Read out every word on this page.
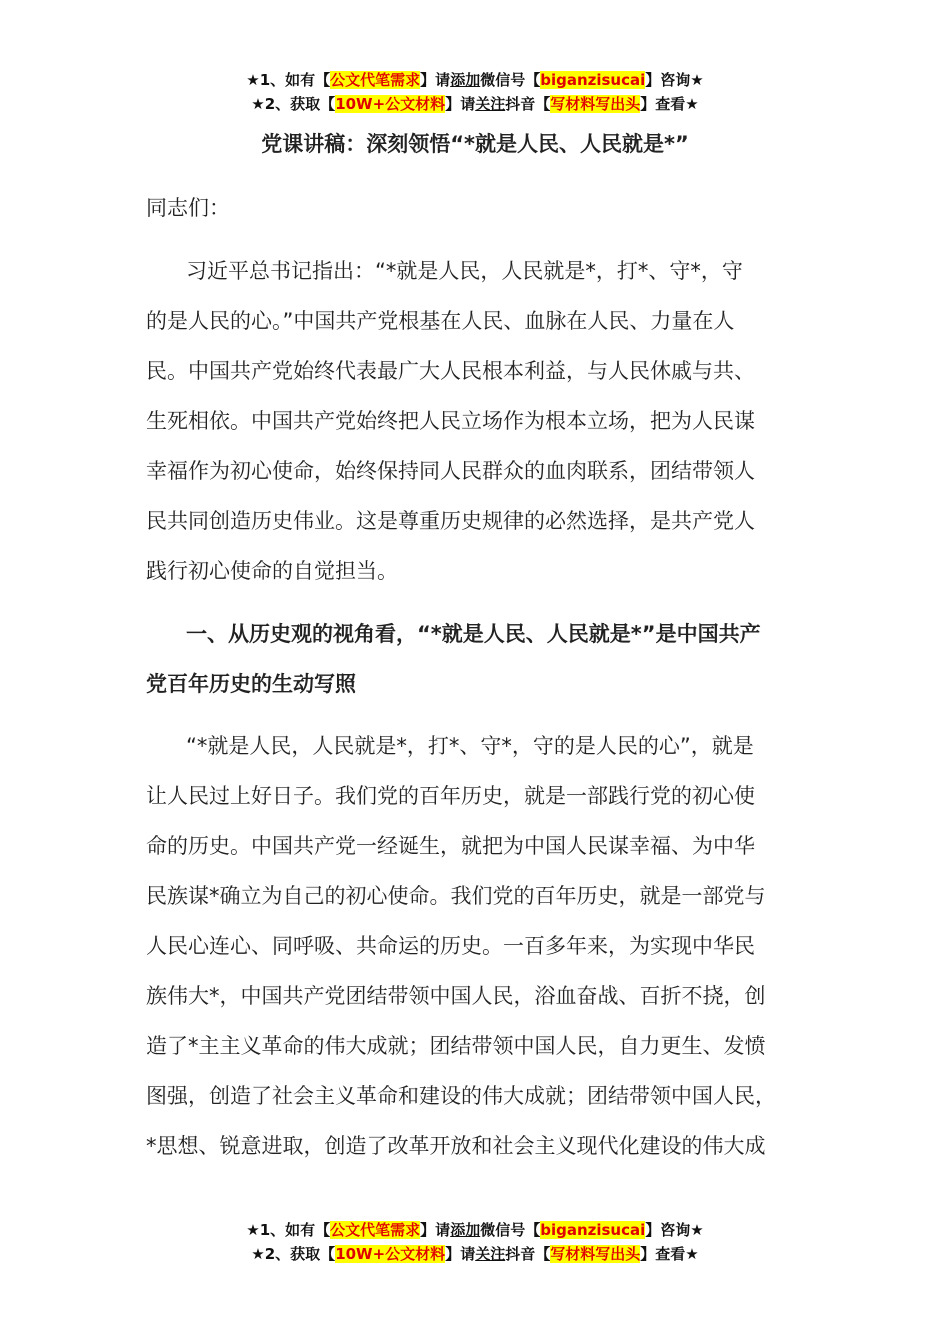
★1、如有【公文代笔需求】请添加微信号【biganzisucai】咨询★
★2、获取【10W+公文材料】请关注抖音【写材料写出头】查看★
党课讲稿：深刻领悟“*就是人民、人民就是*”
同志们：
习近平总书记指出：“*就是人民，人民就是*，打*、守*，守
的是人民的心。”中国共产党根基在人民、血脉在人民、力量在人
民。中国共产党始终代表最广大人民根本利益，与人民休戚与共、
生死相依。中国共产党始终把人民立场作为根本立场，把为人民谋
幸福作为初心使命，始终保持同人民群众的血肉联系，团结带领人
民共同创造历史伟业。这是尊重历史规律的必然选择，是共产党人
践行初心使命的自觉担当。
一、从历史观的视角看，“*就是人民、人民就是*”是中国共产
党百年历史的生动写照
“*就是人民，人民就是*，打*、守*，守的是人民的心”，就是
让人民过上好日子。我们党的百年历史，就是一部践行党的初心使
命的历史。中国共产党一经诞生，就把为中国人民谋幸福、为中华
民族谋*确立为自己的初心使命。我们党的百年历史，就是一部党与
人民心连心、同呼吸、共命运的历史。一百多年来，为实现中华民
族伟大*，中国共产党团结带领中国人民，浴血奋战、百折不挠，创
造了*主主义革命的伟大成就；团结带领中国人民，自力更生、发愤
图强，创造了社会主义革命和建设的伟大成就；团结带领中国人民，
*思想、锐意进取，创造了改革开放和社会主义现代化建设的伟大成
★1、如有【公文代笔需求】请添加微信号【biganzisucai】咨询★
★2、获取【10W+公文材料】请关注抖音【写材料写出头】查看★
